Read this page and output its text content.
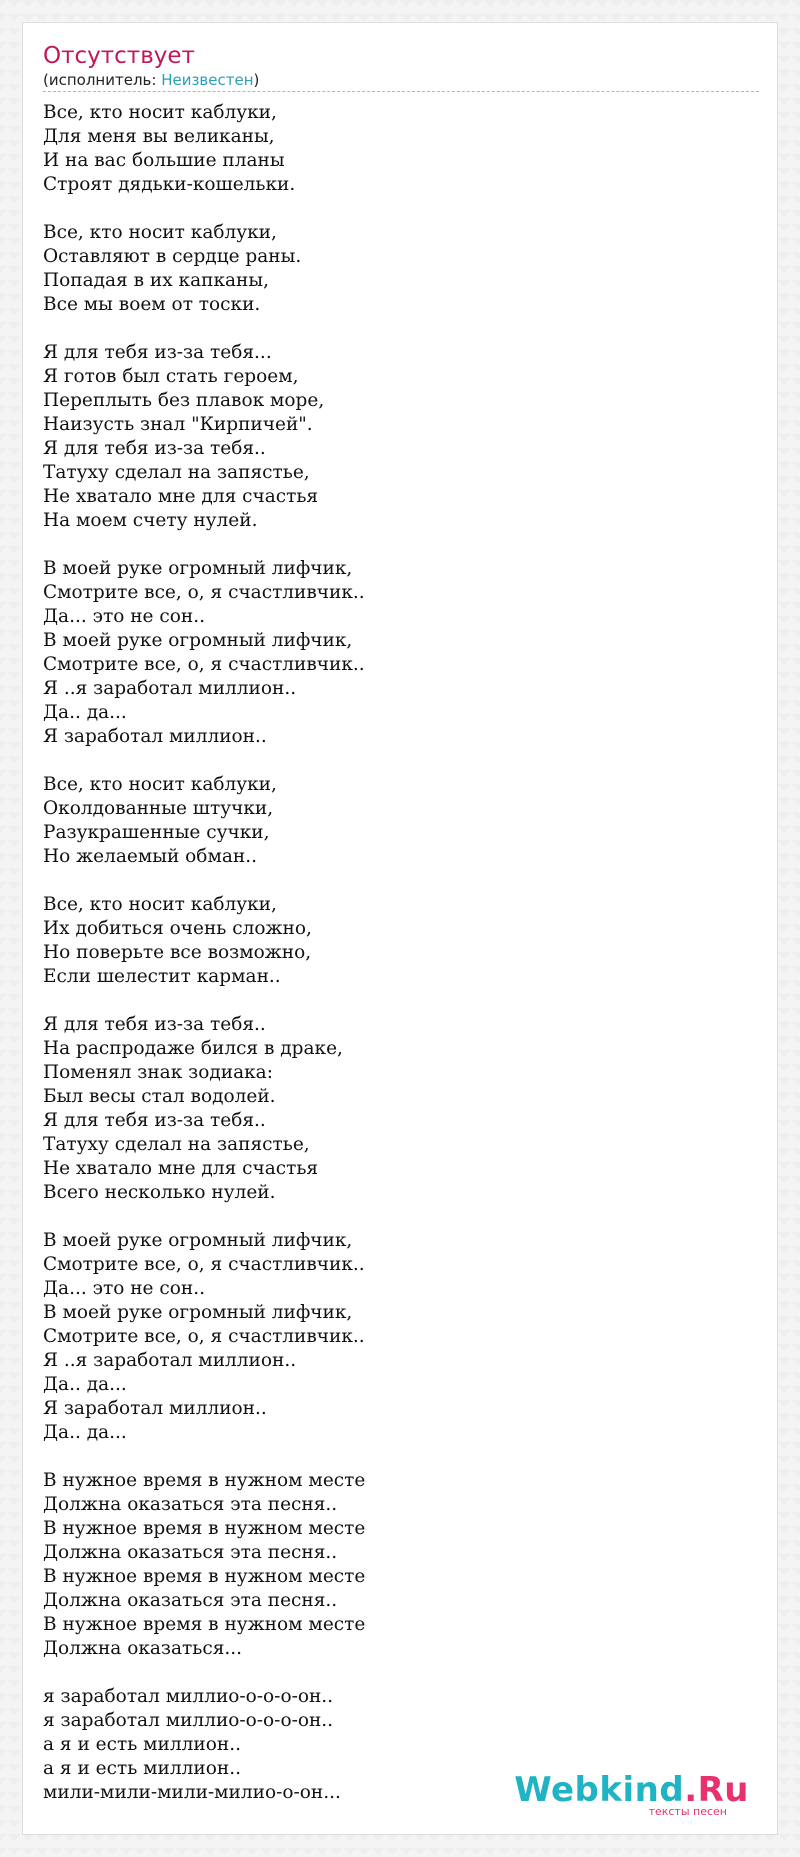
Отсутствует
(исполнитель: Неизвестен)
Все, кто носит каблуки,
Для меня вы великаны,
И на вас большие планы
Строят дядьки-кошельки.

Все, кто носит каблуки,
Оставляют в сердце раны.
Попадая в их капканы,
Все мы воем от тоски.

Я для тебя из-за тебя...
Я готов был стать героем,
Переплыть без плавок море,
Наизусть знал "Кирпичей".
Я для тебя из-за тебя..
Татуху сделал на запястье,
Не хватало мне для счастья
На моем счету нулей.

В моей руке огромный лифчик,
Смотрите все, о, я счастливчик..
Да... это не сон..
В моей руке огромный лифчик,
Смотрите все, о, я счастливчик..
Я ..я заработал миллион..
Да.. да...
Я заработал миллион..

Все, кто носит каблуки,
Околдованные штучки,
Разукрашенные сучки,
Но желаемый обман..

Все, кто носит каблуки,
Их добиться очень сложно,
Но поверьте все возможно,
Если шелестит карман..

Я для тебя из-за тебя..
На распродаже бился в драке,
Поменял знак зодиака:
Был весы стал водолей.
Я для тебя из-за тебя..
Татуху сделал на запястье,
Не хватало мне для счастья
Всего несколько нулей.

В моей руке огромный лифчик,
Смотрите все, о, я счастливчик..
Да... это не сон..
В моей руке огромный лифчик,
Смотрите все, о, я счастливчик..
Я ..я заработал миллион..
Да.. да...
Я заработал миллион..
Да.. да...

В нужное время в нужном месте
Должна оказаться эта песня..
В нужное время в нужном месте
Должна оказаться эта песня..
В нужное время в нужном месте
Должна оказаться эта песня..
В нужное время в нужном месте
Должна оказаться...

я заработал миллио-о-о-о-он..
я заработал миллио-о-о-о-он..
а я и есть миллион..
а я и есть миллион..
мили-мили-мили-милио-о-он...	Webkind.Ru
тексты песен
